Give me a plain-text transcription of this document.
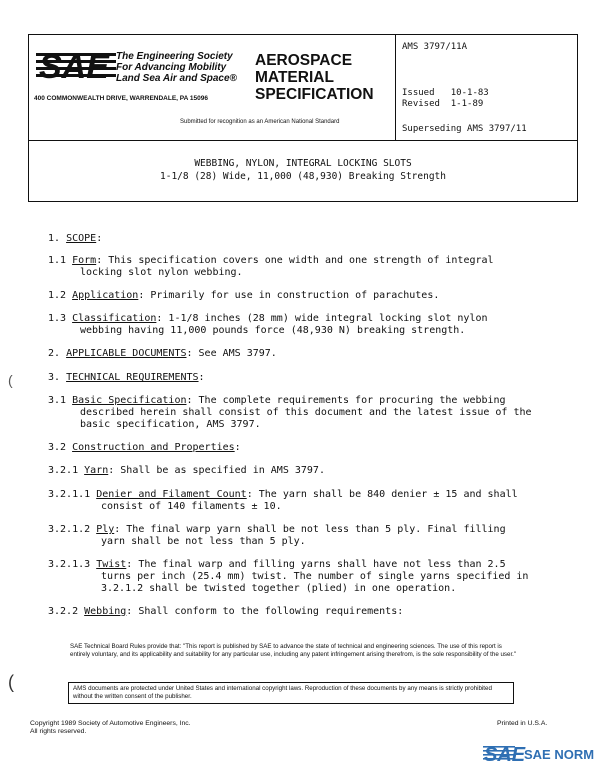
SAE The Engineering Society
For Advancing Mobility
Land Sea Air and Space®
400 COMMONWEALTH DRIVE, WARRENDALE, PA 15096
AEROSPACE
MATERIAL
SPECIFICATION
Submitted for recognition as an American National Standard
AMS 3797/11A
Issued   10-1-83
Revised  1-1-89
Superseding AMS 3797/11
WEBBING, NYLON, INTEGRAL LOCKING SLOTS
1-1/8 (28) Wide, 11,000 (48,930) Breaking Strength
1. SCOPE:
1.1 Form: This specification covers one width and one strength of integral
locking slot nylon webbing.
1.2 Application: Primarily for use in construction of parachutes.
1.3 Classification: 1-1/8 inches (28 mm) wide integral locking slot nylon
webbing having 11,000 pounds force (48,930 N) breaking strength.
2. APPLICABLE DOCUMENTS: See AMS 3797.
3. TECHNICAL REQUIREMENTS:
3.1 Basic Specification: The complete requirements for procuring the webbing
described herein shall consist of this document and the latest issue of the
basic specification, AMS 3797.
3.2 Construction and Properties:
3.2.1 Yarn: Shall be as specified in AMS 3797.
3.2.1.1 Denier and Filament Count: The yarn shall be 840 denier ± 15 and shall
consist of 140 filaments ± 10.
3.2.1.2 Ply: The final warp yarn shall be not less than 5 ply. Final filling
yarn shall be not less than 5 ply.
3.2.1.3 Twist: The final warp and filling yarns shall have not less than 2.5
turns per inch (25.4 mm) twist. The number of single yarns specified in
3.2.1.2 shall be twisted together (plied) in one operation.
3.2.2 Webbing: Shall conform to the following requirements:
SAE Technical Board Rules provide that: "This report is published by SAE to advance the state of technical and engineering sciences. The use of this report is entirely voluntary, and its applicability and suitability for any particular use, including any patent infringement arising therefrom, is the sole responsibility of the user."
AMS documents are protected under United States and international copyright laws. Reproduction of these documents by any means is strictly prohibited without the written consent of the publisher.
Copyright 1989 Society of Automotive Engineers, Inc.
All rights reserved.
Printed in U.S.A.
(
(
SAE
SAE NORM
